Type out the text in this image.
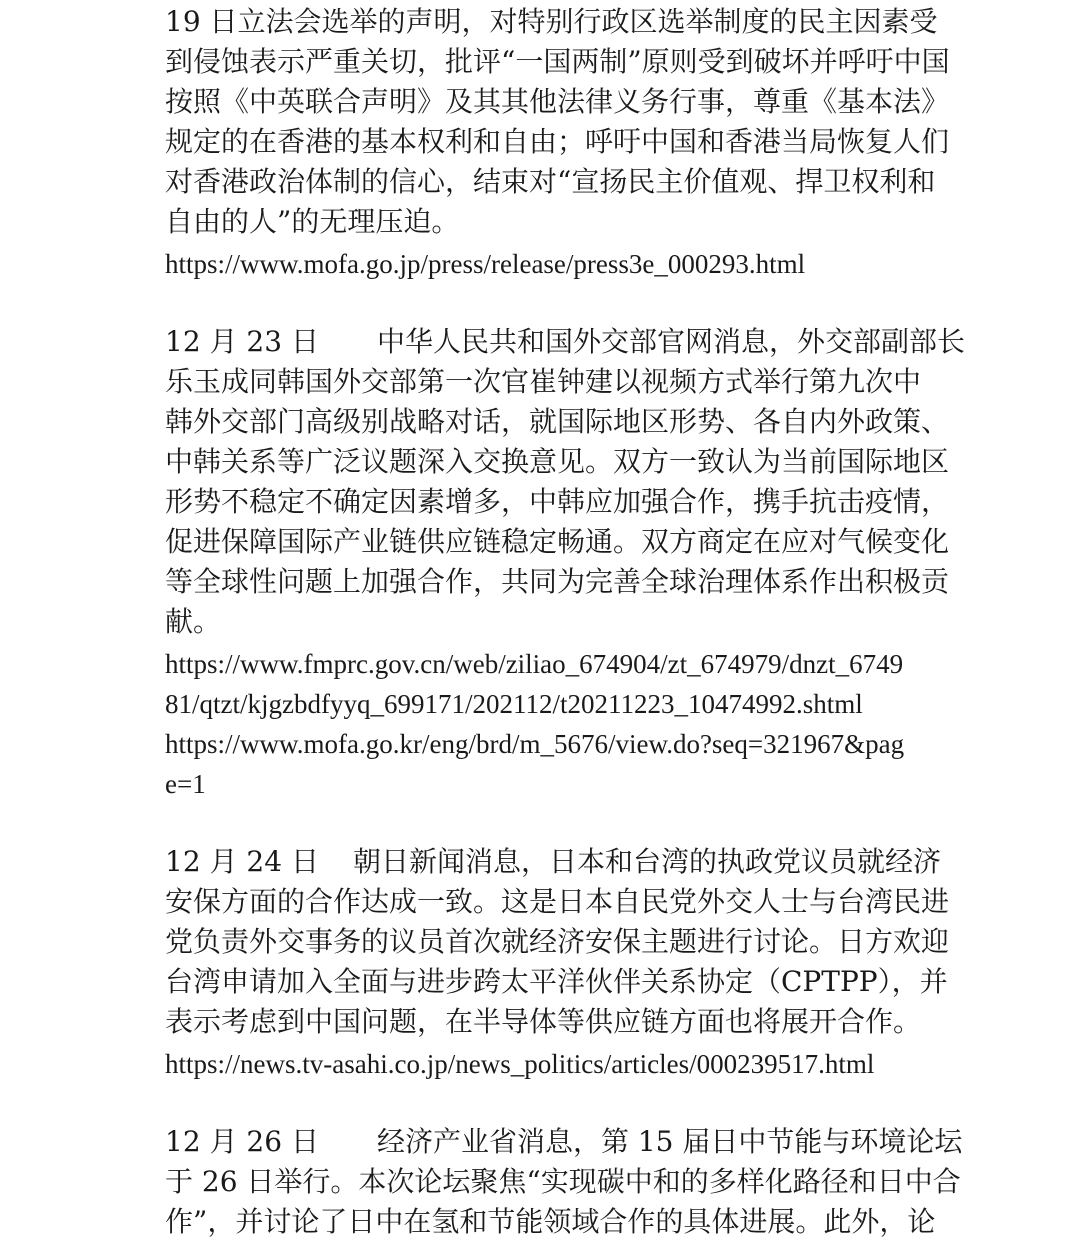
19 日立法会选举的声明，对特别行政区选举制度的民主因素受
到侵蚀表示严重关切，批评“一国两制”原则受到破坏并呼吁中国
按照《中英联合声明》及其其他法律义务行事，尊重《基本法》
规定的在香港的基本权利和自由；呼吁中国和香港当局恢复人们
对香港政治体制的信心，结束对“宣扬民主价值观、捍卫权利和
自由的人”的无理压迫。
https://www.mofa.go.jp/press/release/press3e_000293.html
12 月 23 日 中华人民共和国外交部官网消息，外交部副部长
乐玉成同韩国外交部第一次官崔钟建以视频方式举行第九次中
韩外交部门高级别战略对话，就国际地区形势、各自内外政策、
中韩关系等广泛议题深入交换意见。双方一致认为当前国际地区
形势不稳定不确定因素增多，中韩应加强合作，携手抗击疫情，
促进保障国际产业链供应链稳定畅通。双方商定在应对气候变化
等全球性问题上加强合作，共同为完善全球治理体系作出积极贡
献。
https://www.fmprc.gov.cn/web/ziliao_674904/zt_674979/dnzt_6749
81/qtzt/kjgzbdfyyq_699171/202112/t20211223_10474992.shtml
https://www.mofa.go.kr/eng/brd/m_5676/view.do?seq=321967&pag
e=1
12 月 24 日 朝日新闻消息，日本和台湾的执政党议员就经济
安保方面的合作达成一致。这是日本自民党外交人士与台湾民进
党负责外交事务的议员首次就经济安保主题进行讨论。日方欢迎
台湾申请加入全面与进步跨太平洋伙伴关系协定（CPTPP），并
表示考虑到中国问题，在半导体等供应链方面也将展开合作。
https://news.tv-asahi.co.jp/news_politics/articles/000239517.html
12 月 26 日 经济产业省消息，第 15 届日中节能与环境论坛
于 26 日举行。本次论坛聚焦“实现碳中和的多样化路径和日中合
作”，并讨论了日中在氢和节能领域合作的具体进展。此外，论
